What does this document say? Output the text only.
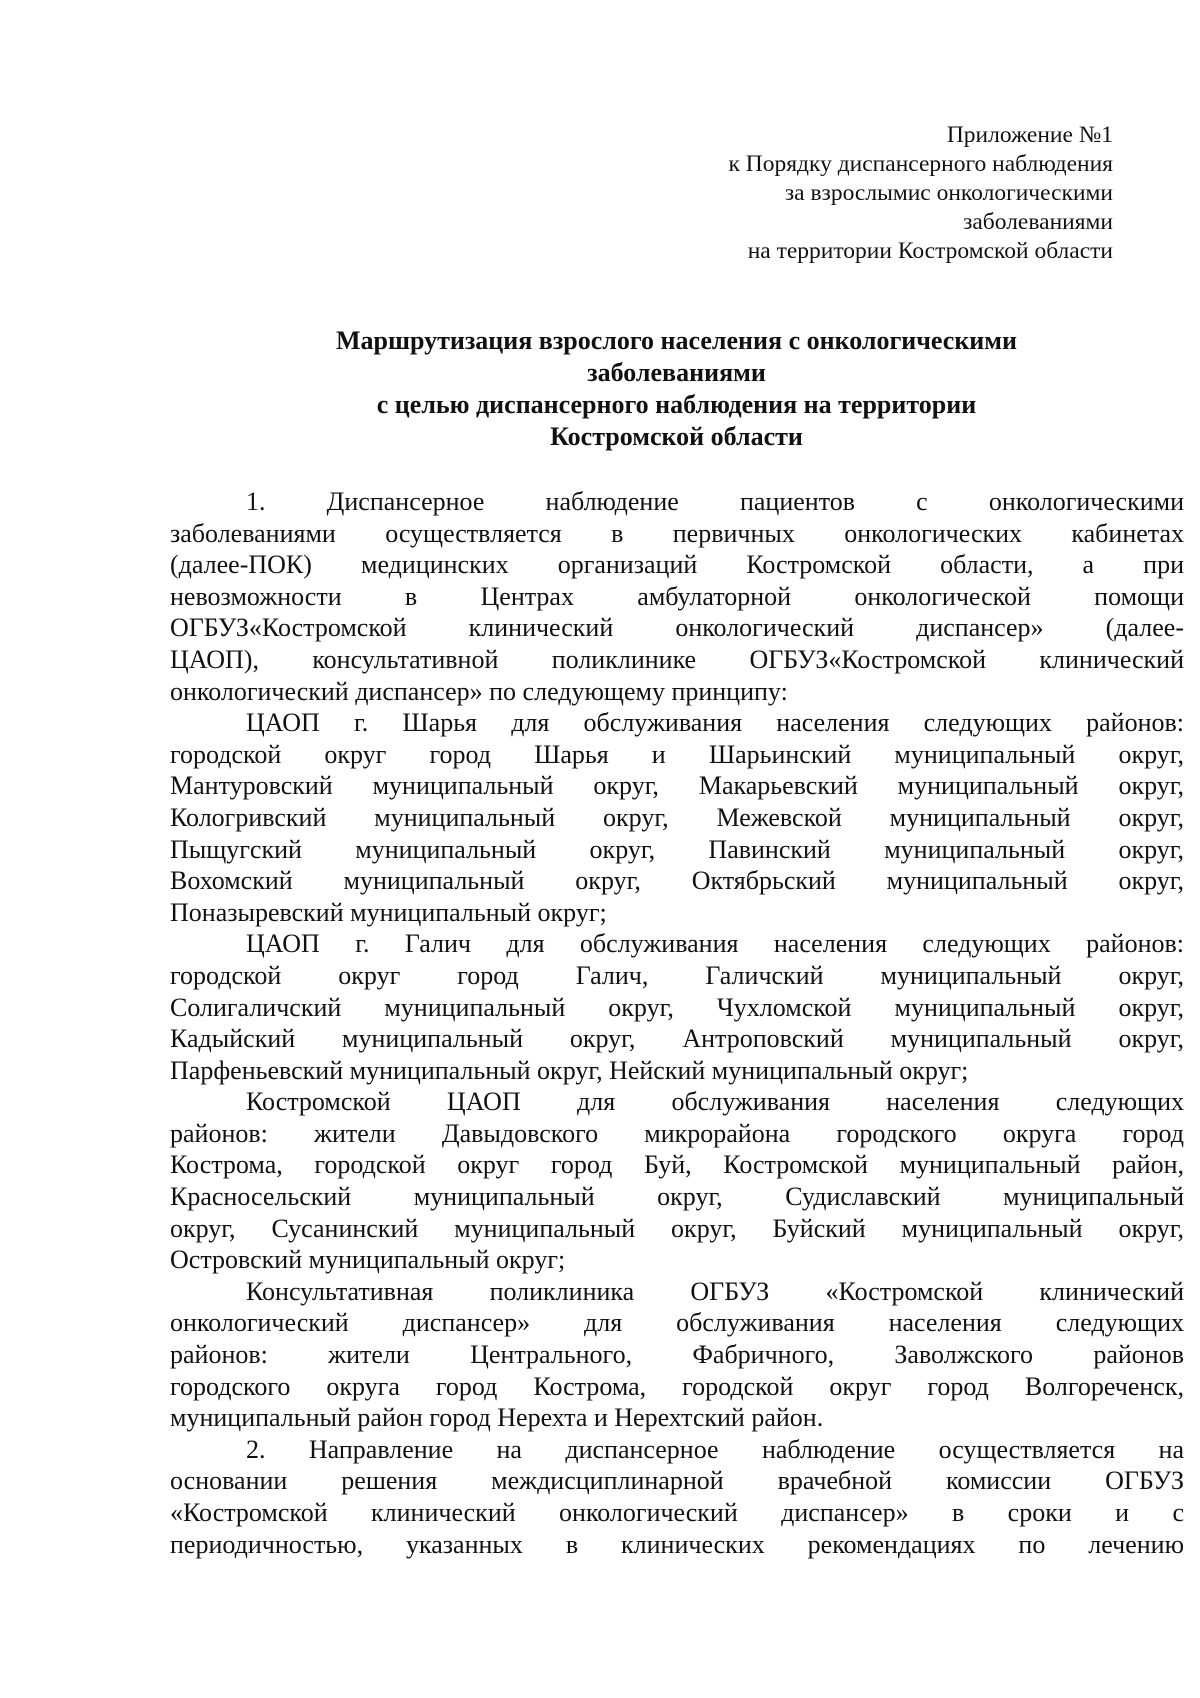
Приложение №1
к Порядку диспансерного наблюдения
за взрослымис онкологическими
заболеваниями
на территории Костромской области
Маршрутизация взрослого населения с онкологическими
заболеваниями
с целью диспансерного наблюдения на территории
Костромской области
1. Диспансерное наблюдение пациентов с онкологическими
заболеваниями осуществляется в первичных онкологических кабинетах
(далее-ПОК) медицинских организаций Костромской области, а при
невозможности в Центрах амбулаторной онкологической помощи
ОГБУЗ«Костромской клинический онкологический диспансер» (далее-
ЦАОП), консультативной поликлинике ОГБУЗ«Костромской клинический
онкологический диспансер» по следующему принципу:
ЦАОП г. Шарья для обслуживания населения следующих районов:
городской округ город Шарья и Шарьинский муниципальный округ,
Мантуровский муниципальный округ, Макарьевский муниципальный округ,
Кологривский муниципальный округ, Межевской муниципальный округ,
Пыщугский муниципальный округ, Павинский муниципальный округ,
Вохомский муниципальный округ, Октябрьский муниципальный округ,
Поназыревский муниципальный округ;
ЦАОП г. Галич для обслуживания населения следующих районов:
городской округ город Галич, Галичский муниципальный округ,
Солигаличский муниципальный округ, Чухломской муниципальный округ,
Кадыйский муниципальный округ, Антроповский муниципальный округ,
Парфеньевский муниципальный округ, Нейский муниципальный округ;
Костромской ЦАОП для обслуживания населения следующих
районов: жители Давыдовского микрорайона городского округа город
Кострома, городской округ город Буй, Костромской муниципальный район,
Красносельский муниципальный округ, Судиславский муниципальный
округ, Сусанинский муниципальный округ, Буйский муниципальный округ,
Островский муниципальный округ;
Консультативная поликлиника ОГБУЗ «Костромской клинический
онкологический диспансер» для обслуживания населения следующих
районов: жители Центрального, Фабричного, Заволжского районов
городского округа город Кострома, городской округ город Волгореченск,
муниципальный район город Нерехта и Нерехтский район.
2. Направление на диспансерное наблюдение осуществляется на
основании решения междисциплинарной врачебной комиссии ОГБУЗ
«Костромской клинический онкологический диспансер» в сроки и с
периодичностью, указанных в клинических рекомендациях по лечению
